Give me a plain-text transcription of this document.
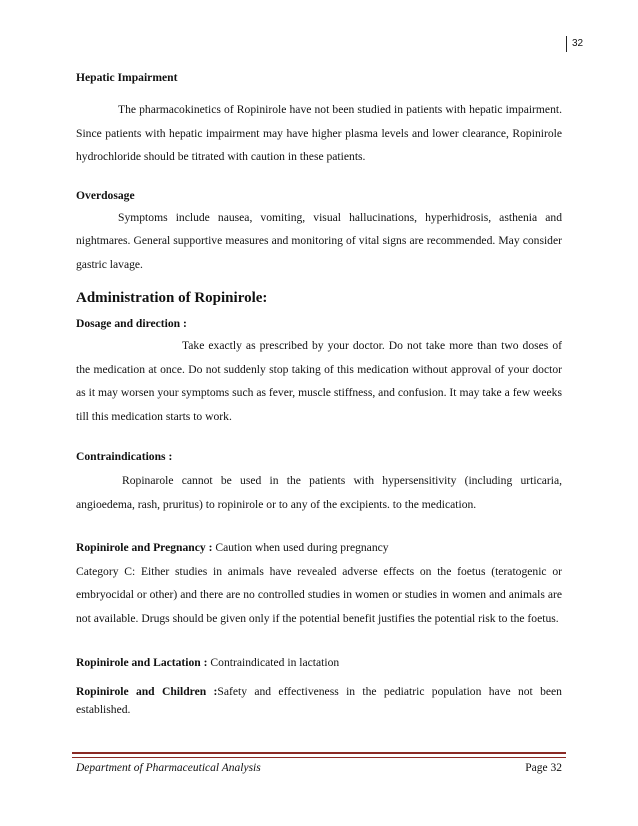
32

Hepatic Impairment

The pharmacokinetics of Ropinirole have not been studied in patients with hepatic impairment. Since patients with hepatic impairment may have higher plasma levels and lower clearance, Ropinirole hydrochloride should be titrated with caution in these patients.

Overdosage

Symptoms include nausea, vomiting, visual hallucinations, hyperhidrosis, asthenia and nightmares. General supportive measures and monitoring of vital signs are recommended. May consider gastric lavage.

Administration of Ropinirole:

Dosage and direction :

Take exactly as prescribed by your doctor. Do not take more than two doses of the medication at once. Do not suddenly stop taking of this medication without approval of your doctor as it may worsen your symptoms such as fever, muscle stiffness, and confusion. It may take a few weeks till this medication starts to work.

Contraindications :

Ropinarole cannot be used in the patients with hypersensitivity (including urticaria, angioedema, rash, pruritus) to ropinirole or to any of the excipients. to the medication.

Ropinirole and Pregnancy : Caution when used during pregnancy

Category C: Either studies in animals have revealed adverse effects on the foetus (teratogenic or embryocidal or other) and there are no controlled studies in women or studies in women and animals are not available. Drugs should be given only if the potential benefit justifies the potential risk to the foetus.

Ropinirole and Lactation : Contraindicated in lactation

Ropinirole and Children :Safety and effectiveness in the pediatric population have not been established.

Department of Pharmaceutical Analysis	Page 32
